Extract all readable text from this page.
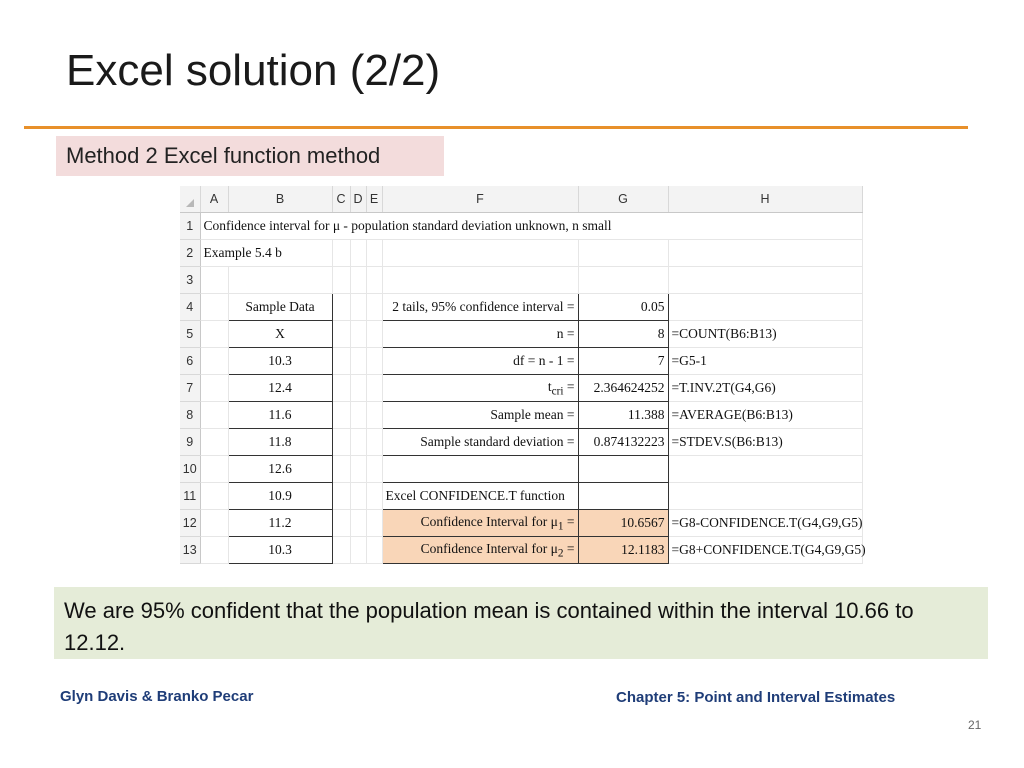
Excel solution (2/2)
Method 2 Excel function method
	A	B	C	D	E	F	G	H
1	Confidence interval for μ - population standard deviation unknown, n small							
2	Example 5.4 b							
3								
4		Sample Data				2 tails, 95% confidence interval =	0.05	
5		X				n =	8	=COUNT(B6:B13)
6		10.3				df = n - 1 =	7	=G5-1
7		12.4				$t_{cri}$ =	2.364624252	=T.INV.2T(G4,G6)
8		11.6				Sample mean =	11.388	=AVERAGE(B6:B13)
9		11.8				Sample standard deviation =	0.874132223	=STDEV.S(B6:B13)
10		12.6						
11		10.9				Excel CONFIDENCE.T function		
12		11.2				Confidence Interval for $\mu_1$ =	10.6567	=G8-CONFIDENCE.T(G4,G9,G5)
13		10.3				Confidence Interval for $\mu_2$ =	12.1183	=G8+CONFIDENCE.T(G4,G9,G5)
We are 95% confident that the population mean is contained within the interval 10.66 to 12.12.
Glyn Davis & Branko Pecar	Chapter 5: Point and Interval Estimates
21
